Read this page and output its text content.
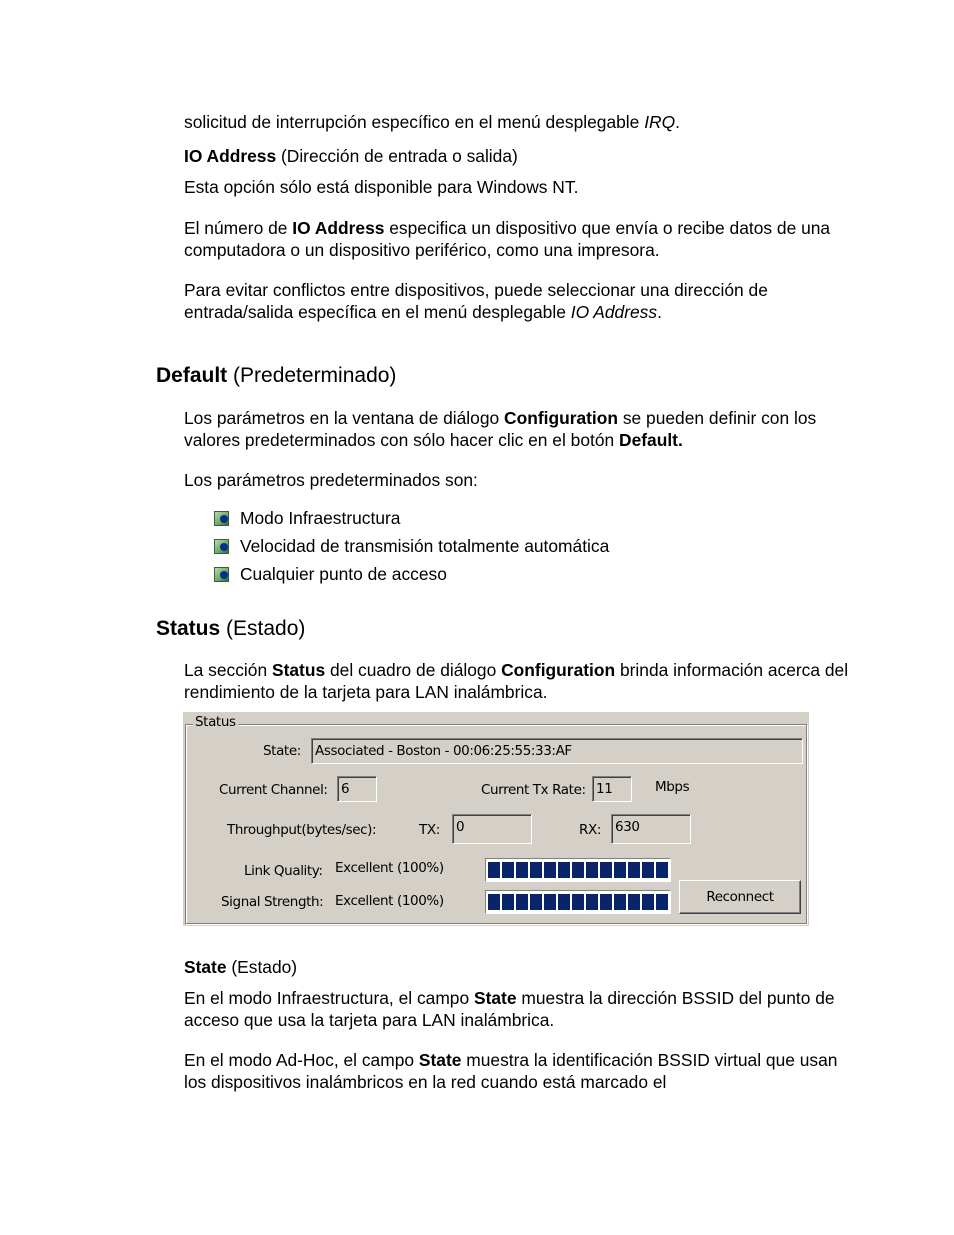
solicitud de interrupción específico en el menú desplegable IRQ.

IO Address (Dirección de entrada o salida)

Esta opción sólo está disponible para Windows NT.

El número de IO Address especifica un dispositivo que envía o recibe datos de una computadora o un dispositivo periférico, como una impresora.

Para evitar conflictos entre dispositivos, puede seleccionar una dirección de entrada/salida específica en el menú desplegable IO Address.

Default (Predeterminado)

Los parámetros en la ventana de diálogo Configuration se pueden definir con los valores predeterminados con sólo hacer clic en el botón Default.

Los parámetros predeterminados son:

Modo Infraestructura
Velocidad de transmisión totalmente automática
Cualquier punto de acceso
Status (Estado)

La sección Status del cuadro de diálogo Configuration brinda información acerca del rendimiento de la tarjeta para LAN inalámbrica.

Status
State: Associated - Boston - 00:06:25:55:33:AF
Current Channel: 6	Current Tx Rate: 11	Mbps
Throughput(bytes/sec):	TX: 0	RX: 630
Link Quality: Excellent (100%)
Signal Strength: Excellent (100%)	Reconnect

State (Estado)

En el modo Infraestructura, el campo State muestra la dirección BSSID del punto de acceso que usa la tarjeta para LAN inalámbrica.

En el modo Ad-Hoc, el campo State muestra la identificación BSSID virtual que usan los dispositivos inalámbricos en la red cuando está marcado el
